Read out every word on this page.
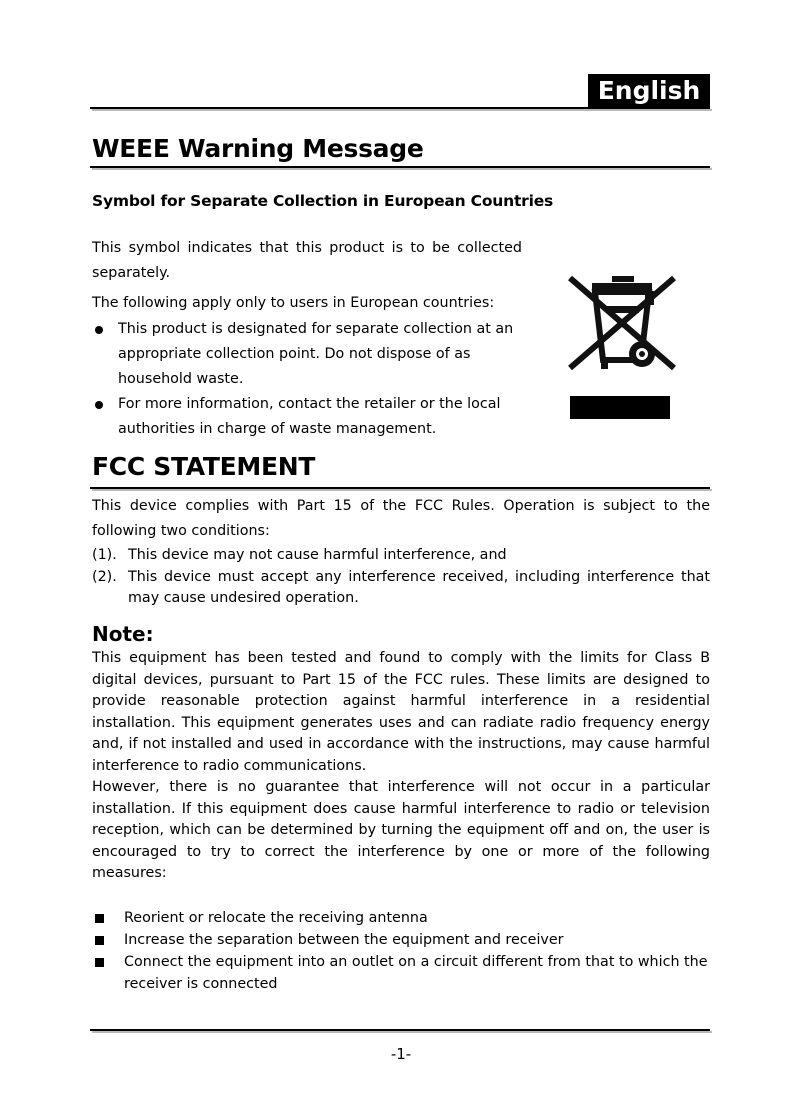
English
WEEE Warning Message
Symbol for Separate Collection in European Countries
This symbol indicates that this product is to be collected separately.
The following apply only to users in European countries:
This product is designated for separate collection at an appropriate collection point. Do not dispose of as household waste.
For more information, contact the retailer or the local authorities in charge of waste management.
FCC STATEMENT
This device complies with Part 15 of the FCC Rules. Operation is subject to the following two conditions:
(1). This device may not cause harmful interference, and
(2). This device must accept any interference received, including interference that may cause undesired operation.
Note:

This equipment has been tested and found to comply with the limits for Class B digital devices, pursuant to Part 15 of the FCC rules. These limits are designed to provide reasonable protection against harmful interference in a residential installation. This equipment generates uses and can radiate radio frequency energy and, if not installed and used in accordance with the instructions, may cause harmful interference to radio communications.

However, there is no guarantee that interference will not occur in a particular installation. If this equipment does cause harmful interference to radio or television reception, which can be determined by turning the equipment off and on, the user is encouraged to try to correct the interference by one or more of the following measures:

Reorient or relocate the receiving antenna
Increase the separation between the equipment and receiver
Connect the equipment into an outlet on a circuit different from that to which the receiver is connected
-1-
